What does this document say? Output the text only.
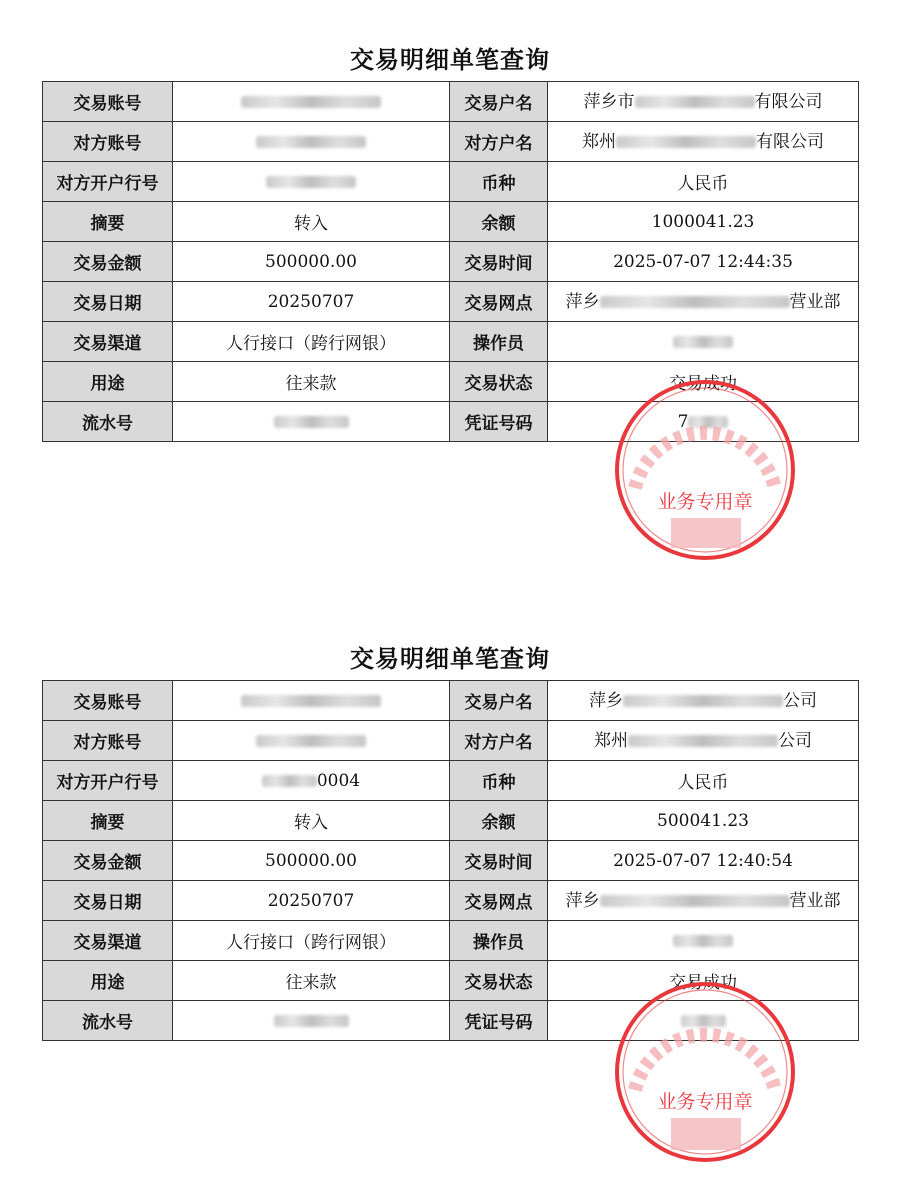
交易明细单笔查询
交易账号		交易户名	萍乡市 有限公司
对方账号		对方户名	郑州 有限公司
对方开户行号		币种	人民币
摘要	转入	余额	1000041.23
交易金额	500000.00	交易时间	2025-07-07 12:44:35
交易日期	20250707	交易网点	萍乡 营业部
交易渠道	人行接口（跨行网银）	操作员	
用途	往来款	交易状态	交易成功
流水号		凭证号码	7
业务专用章
交易明细单笔查询
交易账号		交易户名	萍乡 公司
对方账号		对方户名	郑州 公司
对方开户行号	0004	币种	人民币
摘要	转入	余额	500041.23
交易金额	500000.00	交易时间	2025-07-07 12:40:54
交易日期	20250707	交易网点	萍乡 营业部
交易渠道	人行接口（跨行网银）	操作员	
用途	往来款	交易状态	交易成功
流水号		凭证号码	
业务专用章
